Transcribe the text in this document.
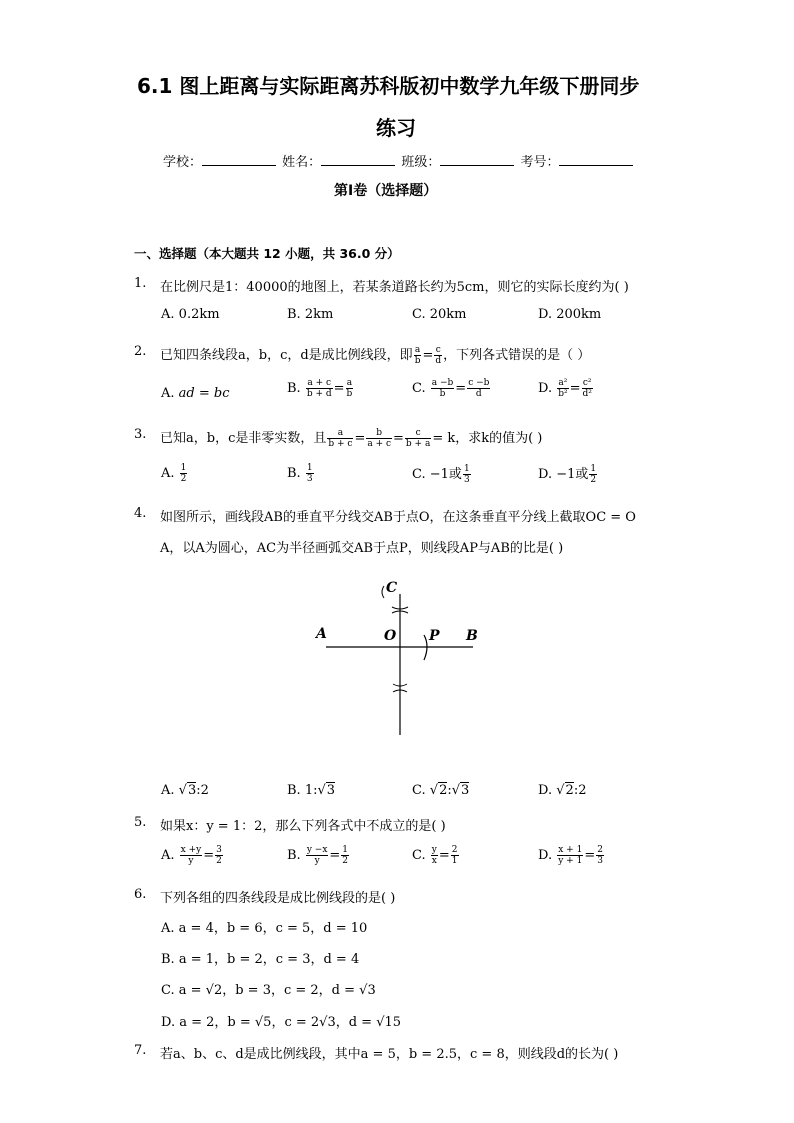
6.1 图上距离与实际距离苏科版初中数学九年级下册同步
练习
学校：	姓名：	班级：	考号：
第Ⅰ卷（选择题）
一、选择题（本大题共 12 小题，共 36.0 分）
1. 在比例尺是1：40000的地图上，若某条道路长约为5cm，则它的实际长度约为( )
A. 0.2km	B. 2km	C. 20km	D. 200km
2. 已知四条线段a，b，c，d是成比例线段，即 $\frac{a}{b} = \frac{c}{d}$ ，下列各式错误的是（ ）
A. ad = bc	B. $\frac{a + c}{b + d} = \frac{a}{b}$	C. $\frac{a -b}{b} = \frac{c -b}{d}$	D. $\frac{\text{a²}}{\text{b²}} = \frac{\text{c²}}{\text{d²}}$
3. 已知a，b，c是非零实数，且 $\frac{a}{b + c} = \frac{b}{a + c} = \frac{c}{b + a} = k$，求k的值为( )
A. $\frac{1}{2}$	B. $\frac{1}{3}$	C. −1或 $\frac{1}{3}$	D. −1或 $\frac{1}{2}$
4. 如图所示，画线段AB的垂直平分线交AB于点O，在这条垂直平分线上截取OC = O
A，以A为圆心，AC为半径画弧交AB于点P，则线段AP与AB的比是( )
A	O P B
C
A. √3:2	B. 1:√3	C. √2:√3	D. √2:2
5. 如果x：y = 1：2，那么下列各式中不成立的是( )
A. $\frac{x +y}{y} = \frac{3}{2}$	B. $\frac{y -x}{y} = \frac{1}{2}$	C. $\frac{y}{x} = \frac{2}{1}$	D. $\frac{x + 1}{y + 1} = \frac{2}{3}$
6. 下列各组的四条线段是成比例线段的是( )
A. a = 4，b = 6，c = 5，d = 10
B. a = 1，b = 2，c = 3，d = 4
C. a = √2，b = 3，c = 2，d = √3
D. a = 2，b = √5，c = 2√3，d = √15
7. 若a、b、c、d是成比例线段，其中a = 5，b = 2.5，c = 8，则线段d的长为( )
